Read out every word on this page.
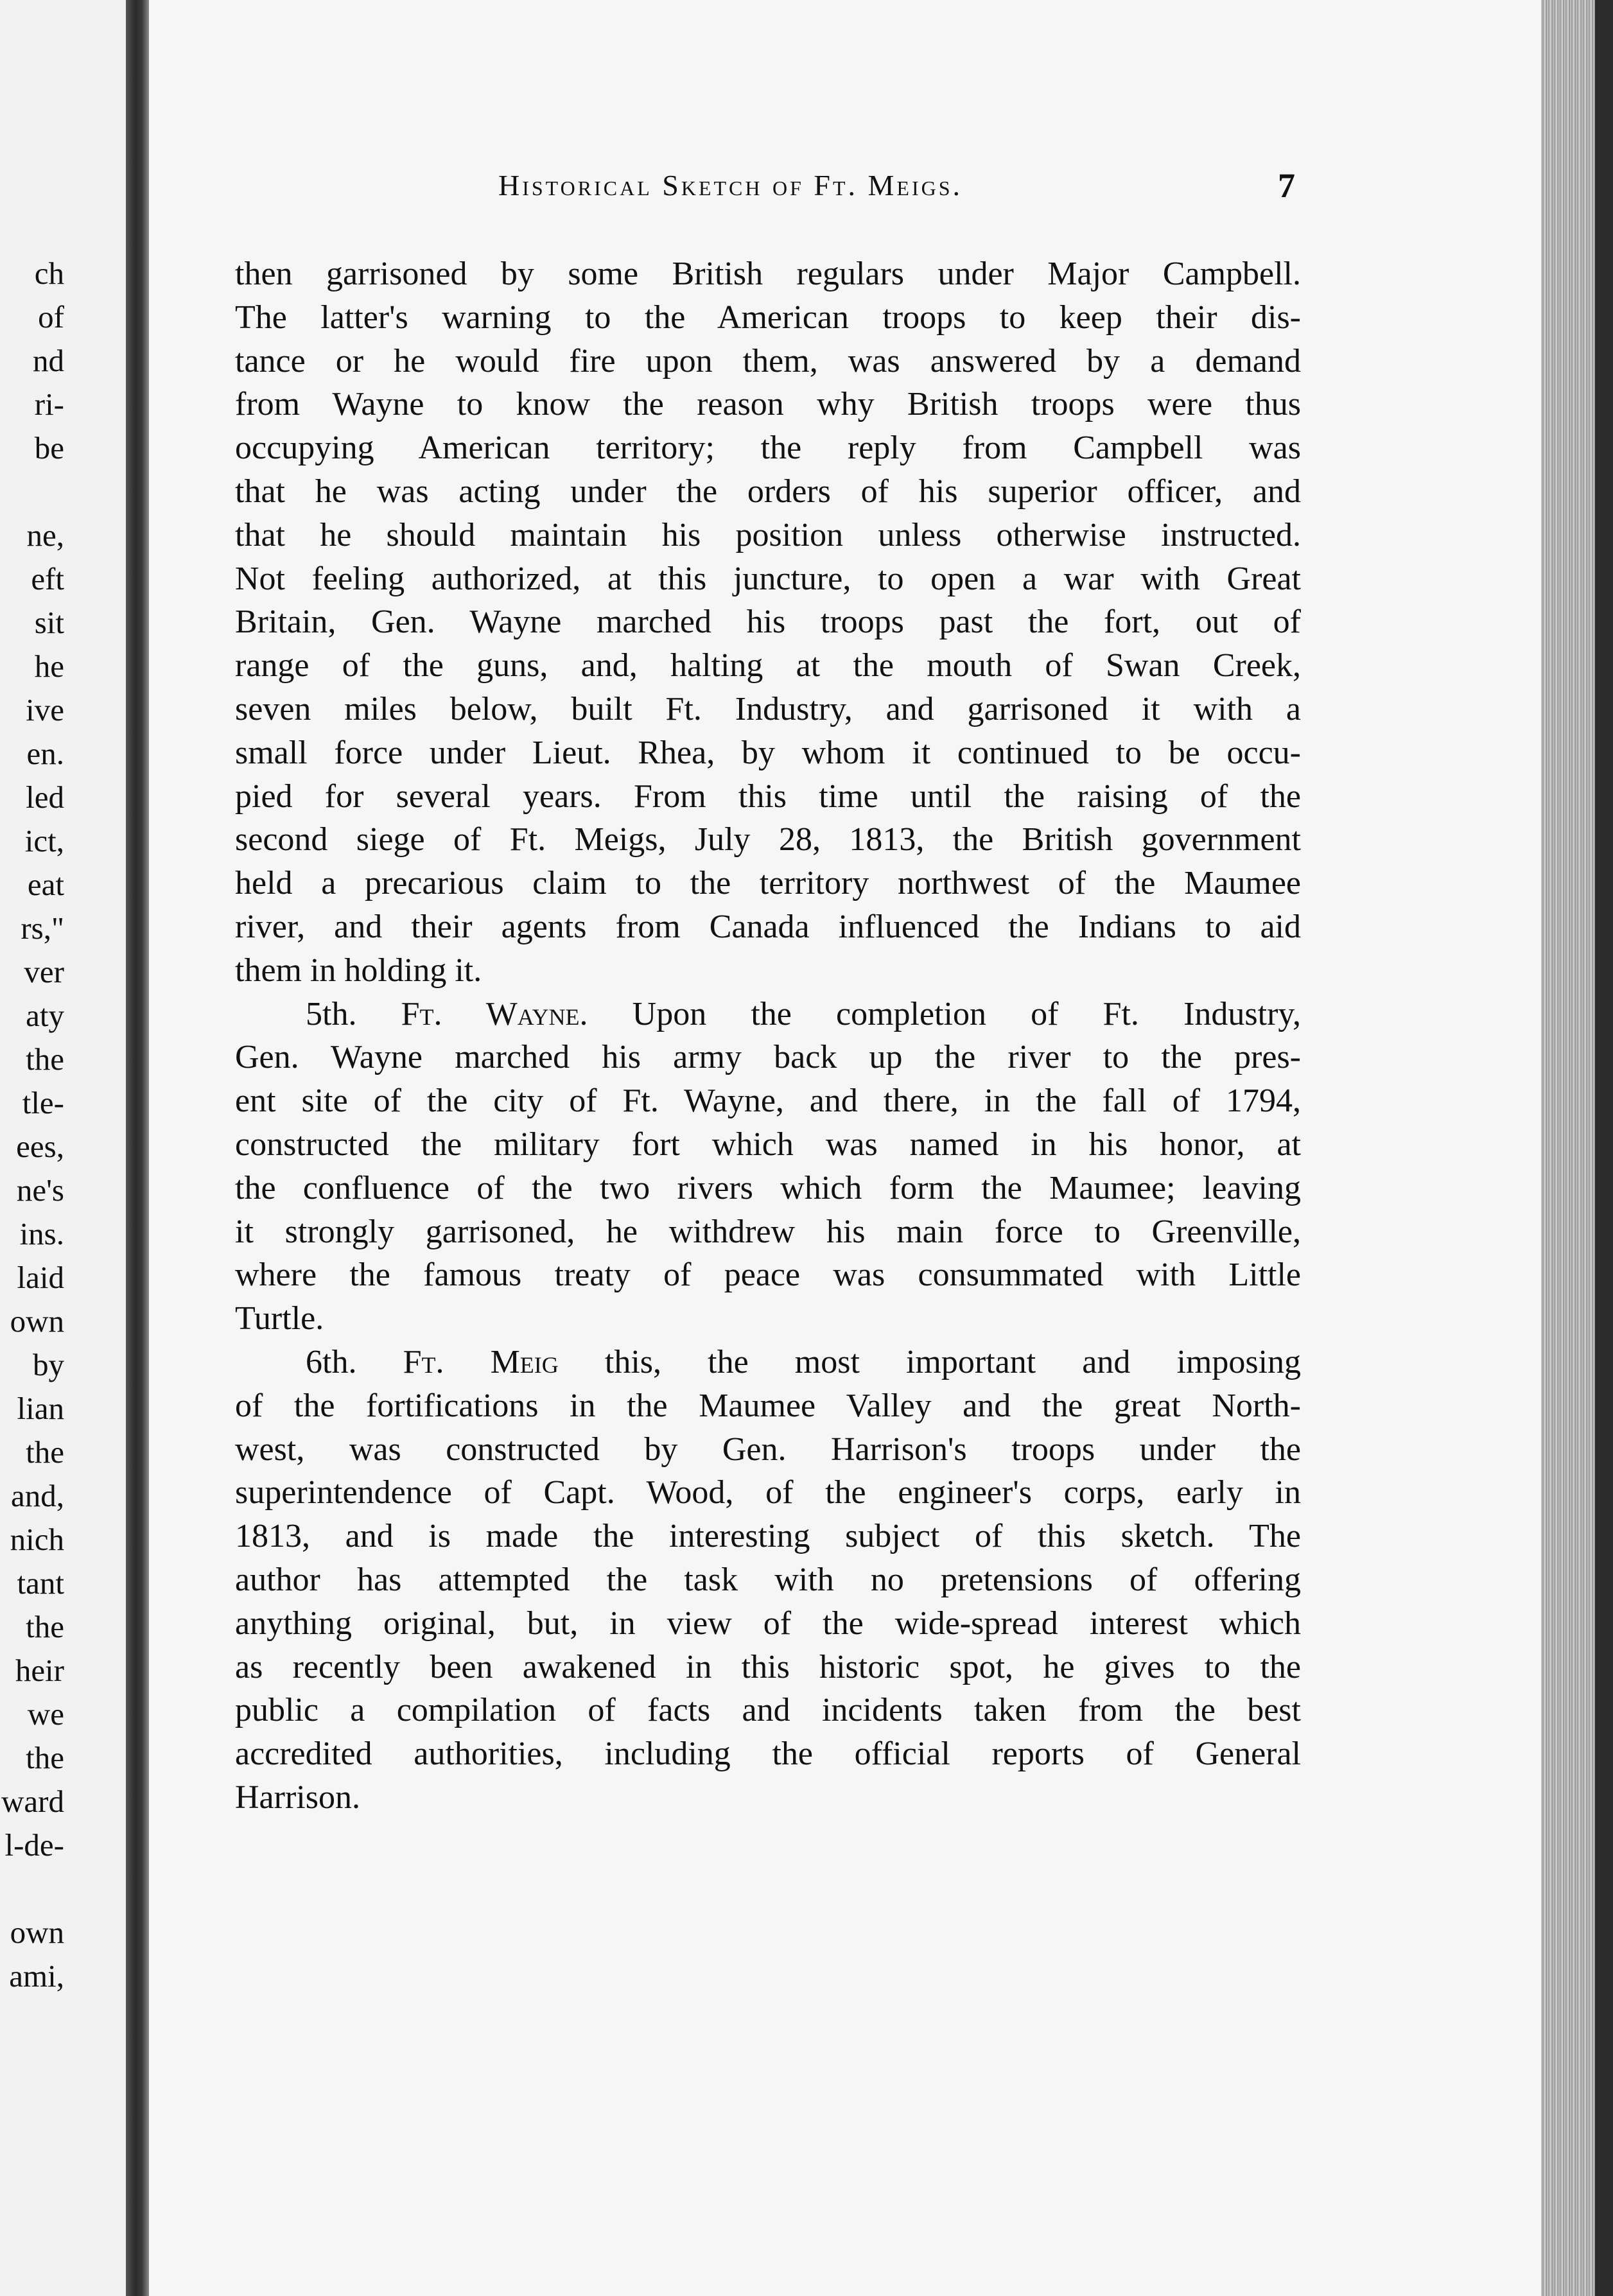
ch
of
nd
ri-
be
ne,
eft
sit
he
ive
en.
led
ict,
eat
rs,"
ver
aty
the
tle-
ees,
ne's
ins.
laid
own
by
lian
the
and,
nich
tant
the
heir
we
the
ward
l-de-
own
ami,
Historical Sketch of Ft. Meigs.	7

then garrisoned by some British regulars under Major Campbell.

The latter's warning to the American troops to keep their dis-

tance or he would fire upon them, was answered by a demand

from Wayne to know the reason why British troops were thus

occupying American territory; the reply from Campbell was

that he was acting under the orders of his superior officer, and

that he should maintain his position unless otherwise instructed.

Not feeling authorized, at this juncture, to open a war with Great

Britain, Gen. Wayne marched his troops past the fort, out of

range of the guns, and, halting at the mouth of Swan Creek,

seven miles below, built Ft. Industry, and garrisoned it with a

small force under Lieut. Rhea, by whom it continued to be occu-

pied for several years. From this time until the raising of the

second siege of Ft. Meigs, July 28, 1813, the British government

held a precarious claim to the territory northwest of the Maumee

river, and their agents from Canada influenced the Indians to aid

them in holding it.

5th. Ft. Wayne. Upon the completion of Ft. Industry,

Gen. Wayne marched his army back up the river to the pres-

ent site of the city of Ft. Wayne, and there, in the fall of 1794,

constructed the military fort which was named in his honor, at

the confluence of the two rivers which form the Maumee; leaving

it strongly garrisoned, he withdrew his main force to Greenville,

where the famous treaty of peace was consummated with Little

Turtle.

6th. Ft. Meig this, the most important and imposing

of the fortifications in the Maumee Valley and the great North-

west, was constructed by Gen. Harrison's troops under the

superintendence of Capt. Wood, of the engineer's corps, early in

1813, and is made the interesting subject of this sketch. The

author has attempted the task with no pretensions of offering

anything original, but, in view of the wide-spread interest which

as recently been awakened in this historic spot, he gives to the

public a compilation of facts and incidents taken from the best

accredited authorities, including the official reports of General

Harrison.
